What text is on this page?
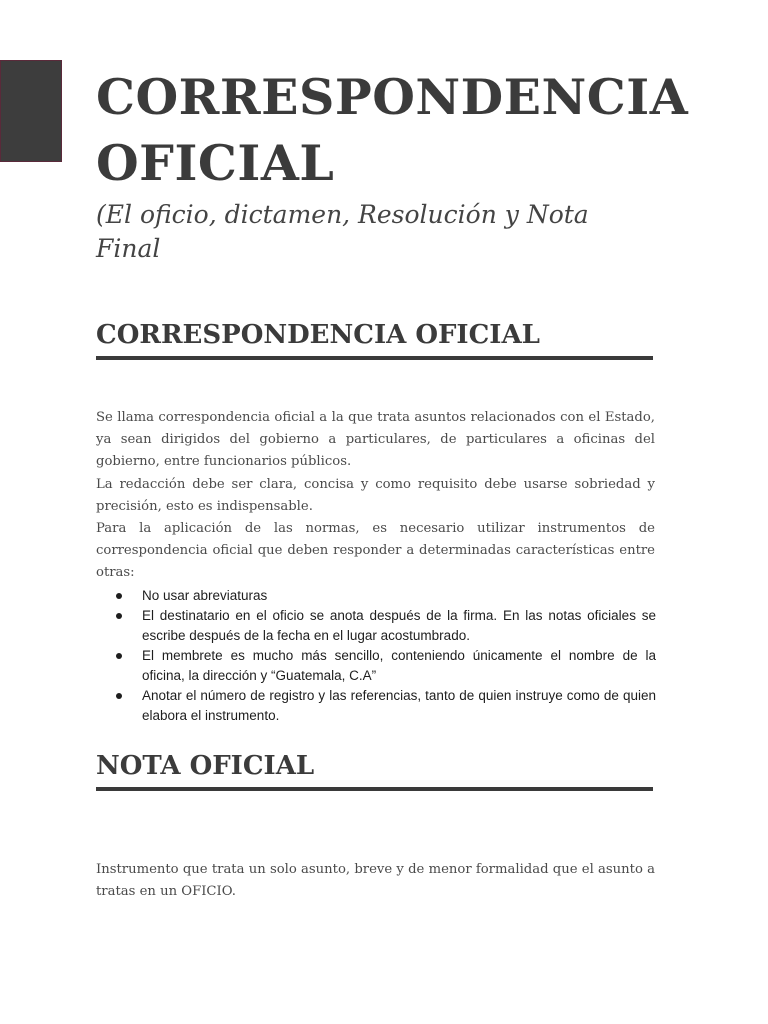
CORRESPONDENCIA
OFICIAL
(El oficio, dictamen, Resolución y Nota
Final
CORRESPONDENCIA OFICIAL

Se llama correspondencia oficial a la que trata asuntos relacionados con el Estado, ya sean dirigidos del gobierno a particulares, de particulares a oficinas del gobierno, entre funcionarios públicos.

La redacción debe ser clara, concisa y como requisito debe usarse sobriedad y precisión, esto es indispensable.

Para la aplicación de las normas, es necesario utilizar instrumentos de correspondencia oficial que deben responder a determinadas características entre otras:

No usar abreviaturas
El destinatario en el oficio se anota después de la firma. En las notas oficiales se escribe después de la fecha en el lugar acostumbrado.
El membrete es mucho más sencillo, conteniendo únicamente el nombre de la oficina, la dirección y “Guatemala, C.A”
Anotar el número de registro y las referencias, tanto de quien instruye como de quien elabora el instrumento.
NOTA OFICIAL

Instrumento que trata un solo asunto, breve y de menor formalidad que el asunto a tratas en un OFICIO.
